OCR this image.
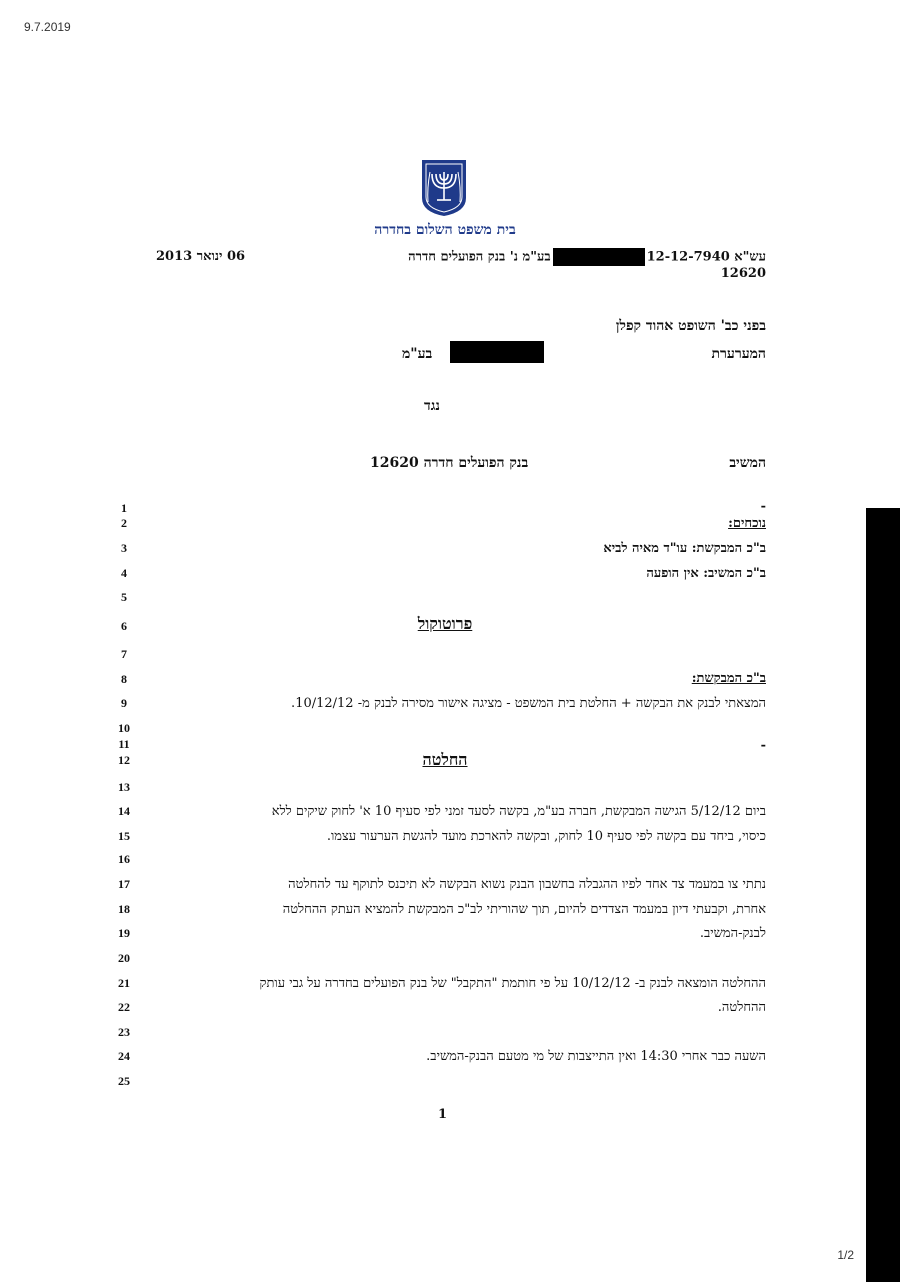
9.7.2019
1/2
בית משפט השלום בחדרה
עש"א 12-12-7940בע"מ נ' בנק הפועלים חדרה
12620
06 ינואר 2013
בפני כב' השופט אהוד קפלן
המערערת
בע"מ
נגד
המשיב
בנק הפועלים חדרה 12620
1
2
3
4
5
6
7
8
9
10
11
12
13
14
15
16
17
18
19
20
21
22
23
24
25
-
נוכחים:
ב"כ המבקשת: עו"ד מאיה לביא
ב"כ המשיב: אין הופעה
פרוטוקול
ב"כ המבקשת:
המצאתי לבנק את הבקשה + החלטת בית המשפט - מציגה אישור מסירה לבנק מ- 10/12/12.
-
החלטה
ביום 5/12/12 הגישה המבקשת, חברה בע"מ, בקשה לסעד זמני לפי סעיף 10 א' לחוק שיקים ללא
כיסוי, ביחד עם בקשה לפי סעיף 10 לחוק, ובקשה להארכת מועד להגשת הערעור עצמו.
נתתי צו במעמד צד אחד לפיו ההגבלה בחשבון הבנק נשוא הבקשה לא תיכנס לתוקף עד להחלטה
אחרת, וקבעתי דיון במעמד הצדדים להיום, תוך שהוריתי לב"כ המבקשת להמציא העתק ההחלטה
לבנק-המשיב.
ההחלטה הומצאה לבנק ב- 10/12/12 על פי חותמת "התקבל" של בנק הפועלים בחדרה על גבי עותק
ההחלטה.
השעה כבר אחרי 14:30 ואין התייצבות של מי מטעם הבנק-המשיב.
1
